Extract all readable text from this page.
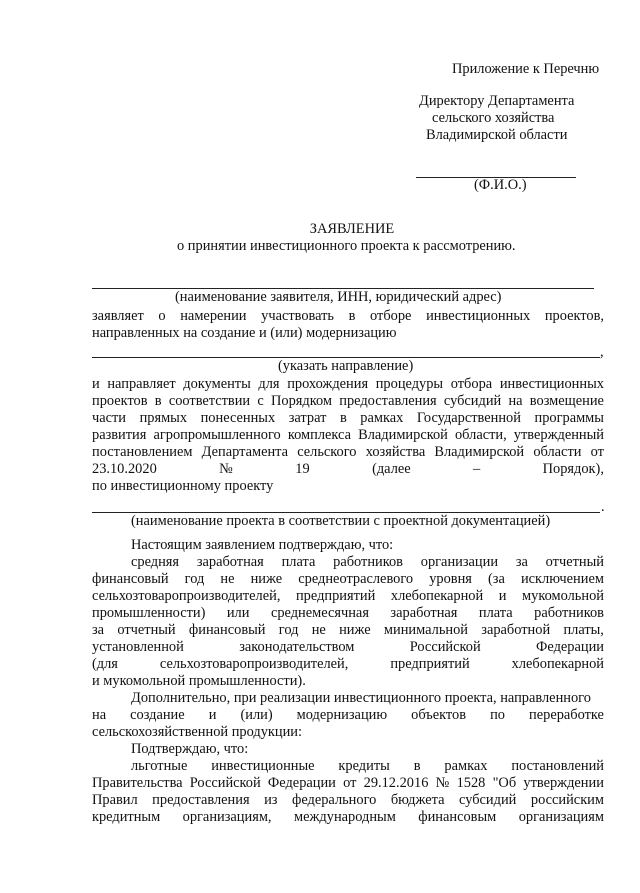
Приложение к Перечню
Директору Департамента
сельского хозяйства
Владимирской области
(Ф.И.О.)
ЗАЯВЛЕНИЕ
о принятии инвестиционного проекта к рассмотрению.
(наименование заявителя, ИНН, юридический адрес)
заявляет о намерении участвовать в отборе инвестиционных проектов,
направленных на создание и (или) модернизацию
,
(указать направление)
и направляет документы для прохождения процедуры отбора инвестиционных
проектов в соответствии с Порядком предоставления субсидий на возмещение
части прямых понесенных затрат в рамках Государственной программы
развития агропромышленного комплекса Владимирской области, утвержденный
постановлением Департамента сельского хозяйства Владимирской области от
23.10.2020	№	19	(далее	–	Порядок),
по инвестиционному проекту
.
(наименование проекта в соответствии с проектной документацией)
Настоящим заявлением подтверждаю, что:
средняя заработная плата работников организации за отчетный
финансовый год не ниже среднеотраслевого уровня (за исключением
сельхозтоваропроизводителей, предприятий хлебопекарной и мукомольной
промышленности) или среднемесячная заработная плата работников
за отчетный финансовый год не ниже минимальной заработной платы,
установленной	законодательством	Российской	Федерации
(для	сельхозтоваропроизводителей,	предприятий	хлебопекарной
и мукомольной промышленности).
Дополнительно, при реализации инвестиционного проекта, направленного
на создание и (или) модернизацию объектов по переработке
сельскохозяйственной продукции:
Подтверждаю, что:
льготные инвестиционные кредиты в рамках постановлений
Правительства Российской Федерации от 29.12.2016 № 1528 "Об утверждении
Правил предоставления из федерального бюджета субсидий российским
кредитным организациям, международным финансовым организациям
